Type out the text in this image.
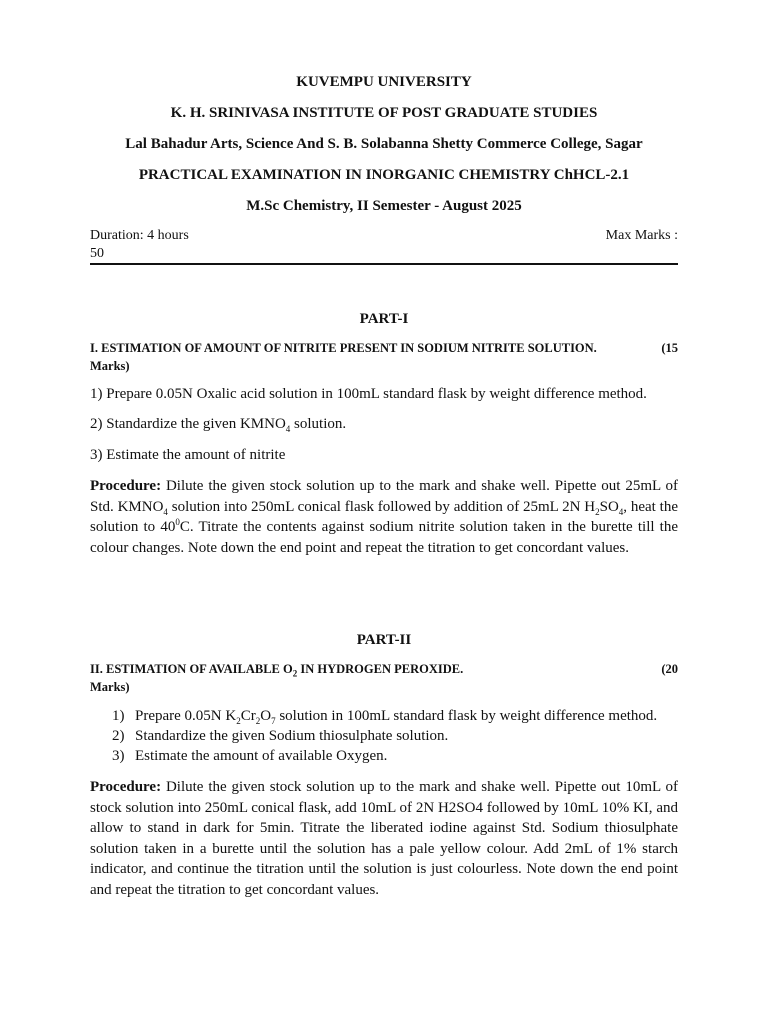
KUVEMPU UNIVERSITY
K. H. SRINIVASA INSTITUTE OF POST GRADUATE STUDIES
Lal Bahadur Arts, Science And S. B. Solabanna Shetty Commerce College, Sagar
PRACTICAL EXAMINATION IN INORGANIC CHEMISTRY ChHCL-2.1
M.Sc Chemistry, II Semester - August 2025
Duration: 4 hours	Max Marks :
50
PART-I
I. ESTIMATION OF AMOUNT OF NITRITE PRESENT IN SODIUM NITRITE SOLUTION.	(15
Marks)
1) Prepare 0.05N Oxalic acid solution in 100mL standard flask by weight difference method.
2) Standardize the given $KMNO_4$ solution.
3) Estimate the amount of nitrite
Procedure: Dilute the given stock solution up to the mark and shake well. Pipette out 25mL of Std. $KMNO_4$ solution into 250mL conical flask followed by addition of 25mL 2N $H_2SO_4$, heat the solution to $40^0C$. Titrate the contents against sodium nitrite solution taken in the burette till the colour changes. Note down the end point and repeat the titration to get concordant values.
PART-II
II. ESTIMATION OF AVAILABLE $O_2$ IN HYDROGEN PEROXIDE.	(20
Marks)
1) Prepare 0.05N $K_2Cr_2O_7$ solution in 100mL standard flask by weight difference method.
2) Standardize the given Sodium thiosulphate solution.
3) Estimate the amount of available Oxygen.
Procedure: Dilute the given stock solution up to the mark and shake well. Pipette out 10mL of stock solution into 250mL conical flask, add 10mL of 2N H2SO4 followed by 10mL 10% KI, and allow to stand in dark for 5min. Titrate the liberated iodine against Std. Sodium thiosulphate solution taken in a burette until the solution has a pale yellow colour. Add 2mL of 1% starch indicator, and continue the titration until the solution is just colourless. Note down the end point and repeat the titration to get concordant values.
